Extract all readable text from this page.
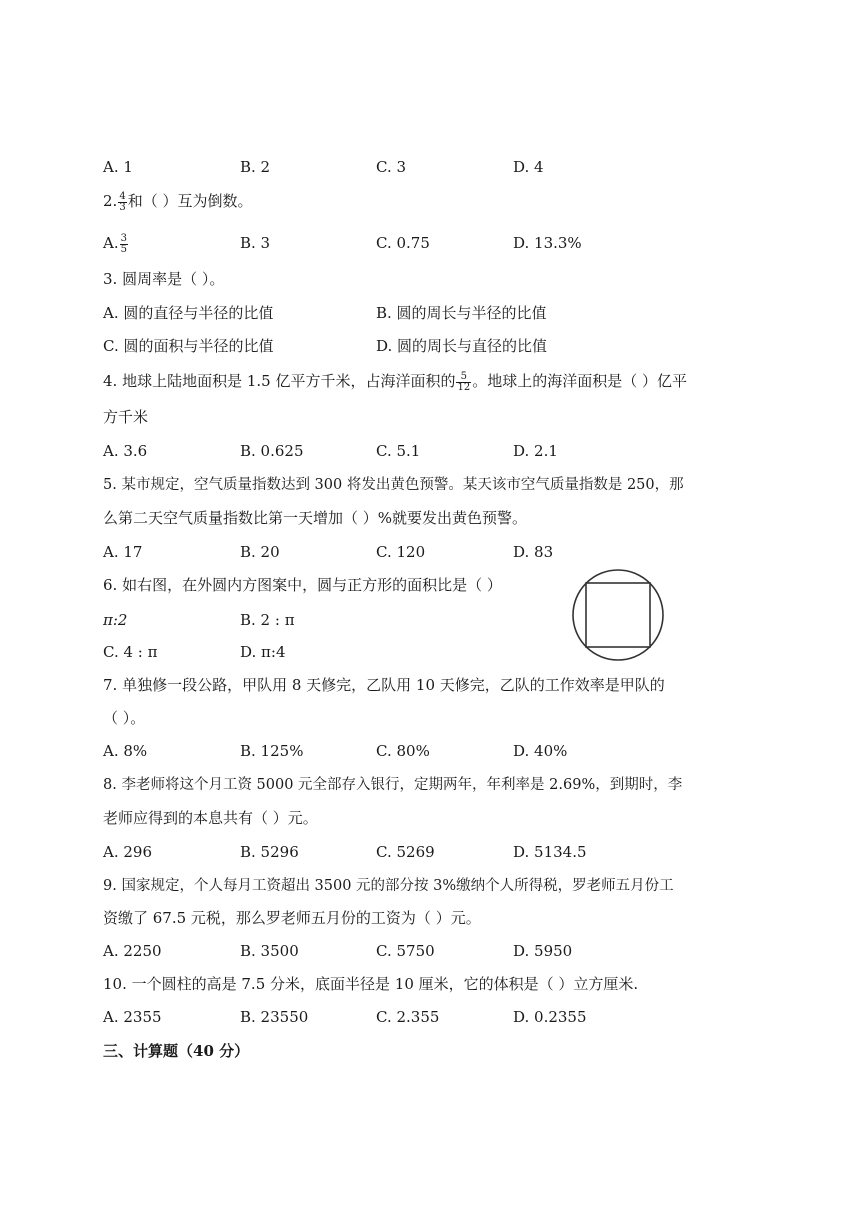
A. 1	B. 2	C. 3	D. 4
2. $\frac{4}{3}$ 和（ ）互为倒数。
A. $\frac{3}{5}$	B. 3	C. 0.75	D. 13.3%
3. 圆周率是（ ）。
A. 圆的直径与半径的比值	B. 圆的周长与半径的比值
C. 圆的面积与半径的比值	D. 圆的周长与直径的比值
4. 地球上陆地面积是 1.5 亿平方千米，占海洋面积的 $\frac{5}{12}$ 。地球上的海洋面积是（ ）亿平
方千米
A. 3.6	B. 0.625	C. 5.1	D. 2.1
5. 某市规定，空气质量指数达到 300 将发出黄色预警。某天该市空气质量指数是 250，那
么第二天空气质量指数比第一天增加（ ）%就要发出黄色预警。
A. 17	B. 20	C. 120	D. 83
6. 如右图，在外圆内方图案中，圆与正方形的面积比是（ ）
π:2	B. 2 : π
C. 4 : π	D. π:4
7. 单独修一段公路，甲队用 8 天修完，乙队用 10 天修完，乙队的工作效率是甲队的
（ ）。
A. 8%	B. 125%	C. 80%	D. 40%
8. 李老师将这个月工资 5000 元全部存入银行，定期两年，年利率是 2.69%，到期时，李
老师应得到的本息共有（ ）元。
A. 296	B. 5296	C. 5269	D. 5134.5
9. 国家规定，个人每月工资超出 3500 元的部分按 3%缴纳个人所得税，罗老师五月份工
资缴了 67.5 元税，那么罗老师五月份的工资为（ ）元。
A. 2250	B. 3500	C. 5750	D. 5950
10. 一个圆柱的高是 7.5 分米，底面半径是 10 厘米，它的体积是（ ）立方厘米.
A. 2355	B. 23550	C. 2.355	D. 0.2355
三、计算题（40 分）
